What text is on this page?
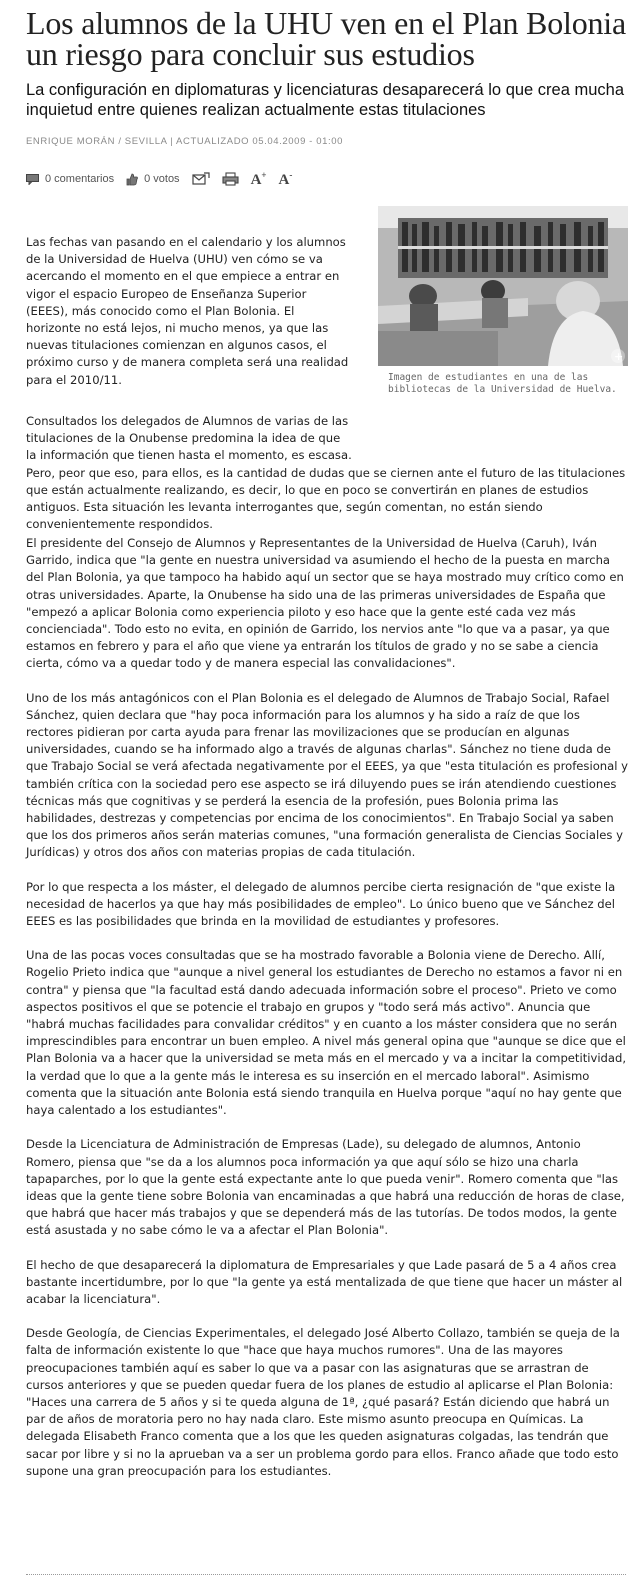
Los alumnos de la UHU ven en el Plan Bolonia un riesgo para concluir sus estudios
La configuración en diplomaturas y licenciaturas desaparecerá lo que crea mucha inquietud entre quienes realizan actualmente estas titulaciones
ENRIQUE MORÁN / SEVILLA | ACTUALIZADO 05.04.2009 - 01:00
0 comentarios	0 votos	A+ A-
+
Imagen de estudiantes en una de las bibliotecas de la Universidad de Huelva.

Las fechas van pasando en el calendario y los alumnos de la Universidad de Huelva (UHU) ven cómo se va acercando el momento en el que empiece a entrar en vigor el espacio Europeo de Enseñanza Superior (EEES), más conocido como el Plan Bolonia. El horizonte no está lejos, ni mucho menos, ya que las nuevas titulaciones comienzan en algunos casos, el próximo curso y de manera completa será una realidad para el 2010/11.

Consultados los delegados de Alumnos de varias de las titulaciones de la Onubense predomina la idea de que la información que tienen hasta el momento, es escasa.
Pero, peor que eso, para ellos, es la cantidad de dudas que se ciernen ante el futuro de las titulaciones que están actualmente realizando, es decir, lo que en poco se convertirán en planes de estudios antiguos. Esta situación les levanta interrogantes que, según comentan, no están siendo convenientemente respondidos.

El presidente del Consejo de Alumnos y Representantes de la Universidad de Huelva (Caruh), Iván Garrido, indica que "la gente en nuestra universidad va asumiendo el hecho de la puesta en marcha del Plan Bolonia, ya que tampoco ha habido aquí un sector que se haya mostrado muy crítico como en otras universidades. Aparte, la Onubense ha sido una de las primeras universidades de España que "empezó a aplicar Bolonia como experiencia piloto y eso hace que la gente esté cada vez más concienciada". Todo esto no evita, en opinión de Garrido, los nervios ante "lo que va a pasar, ya que estamos en febrero y para el año que viene ya entrarán los títulos de grado y no se sabe a ciencia cierta, cómo va a quedar todo y de manera especial las convalidaciones".

Uno de los más antagónicos con el Plan Bolonia es el delegado de Alumnos de Trabajo Social, Rafael Sánchez, quien declara que "hay poca información para los alumnos y ha sido a raíz de que los rectores pidieran por carta ayuda para frenar las movilizaciones que se producían en algunas universidades, cuando se ha informado algo a través de algunas charlas". Sánchez no tiene duda de que Trabajo Social se verá afectada negativamente por el EEES, ya que "esta titulación es profesional y también crítica con la sociedad pero ese aspecto se irá diluyendo pues se irán atendiendo cuestiones técnicas más que cognitivas y se perderá la esencia de la profesión, pues Bolonia prima las habilidades, destrezas y competencias por encima de los conocimientos". En Trabajo Social ya saben que los dos primeros años serán materias comunes, "una formación generalista de Ciencias Sociales y Jurídicas) y otros dos años con materias propias de cada titulación.

Por lo que respecta a los máster, el delegado de alumnos percibe cierta resignación de "que existe la necesidad de hacerlos ya que hay más posibilidades de empleo". Lo único bueno que ve Sánchez del EEES es las posibilidades que brinda en la movilidad de estudiantes y profesores.

Una de las pocas voces consultadas que se ha mostrado favorable a Bolonia viene de Derecho. Allí, Rogelio Prieto indica que "aunque a nivel general los estudiantes de Derecho no estamos a favor ni en contra" y piensa que "la facultad está dando adecuada información sobre el proceso". Prieto ve como aspectos positivos el que se potencie el trabajo en grupos y "todo será más activo". Anuncia que "habrá muchas facilidades para convalidar créditos" y en cuanto a los máster considera que no serán imprescindibles para encontrar un buen empleo. A nivel más general opina que "aunque se dice que el Plan Bolonia va a hacer que la universidad se meta más en el mercado y va a incitar la competitividad, la verdad que lo que a la gente más le interesa es su inserción en el mercado laboral". Asimismo comenta que la situación ante Bolonia está siendo tranquila en Huelva porque "aquí no hay gente que haya calentado a los estudiantes".

Desde la Licenciatura de Administración de Empresas (Lade), su delegado de alumnos, Antonio Romero, piensa que "se da a los alumnos poca información ya que aquí sólo se hizo una charla tapaparches, por lo que la gente está expectante ante lo que pueda venir". Romero comenta que "las ideas que la gente tiene sobre Bolonia van encaminadas a que habrá una reducción de horas de clase, que habrá que hacer más trabajos y que se dependerá más de las tutorías. De todos modos, la gente está asustada y no sabe cómo le va a afectar el Plan Bolonia".

El hecho de que desaparecerá la diplomatura de Empresariales y que Lade pasará de 5 a 4 años crea bastante incertidumbre, por lo que "la gente ya está mentalizada de que tiene que hacer un máster al acabar la licenciatura".

Desde Geología, de Ciencias Experimentales, el delegado José Alberto Collazo, también se queja de la falta de información existente lo que "hace que haya muchos rumores". Una de las mayores preocupaciones también aquí es saber lo que va a pasar con las asignaturas que se arrastran de cursos anteriores y que se pueden quedar fuera de los planes de estudio al aplicarse el Plan Bolonia: "Haces una carrera de 5 años y si te queda alguna de 1ª, ¿qué pasará? Están diciendo que habrá un par de años de moratoria pero no hay nada claro. Este mismo asunto preocupa en Químicas. La delegada Elisabeth Franco comenta que a los que les queden asignaturas colgadas, las tendrán que sacar por libre y si no la aprueban va a ser un problema gordo para ellos. Franco añade que todo esto supone una gran preocupación para los estudiantes.
